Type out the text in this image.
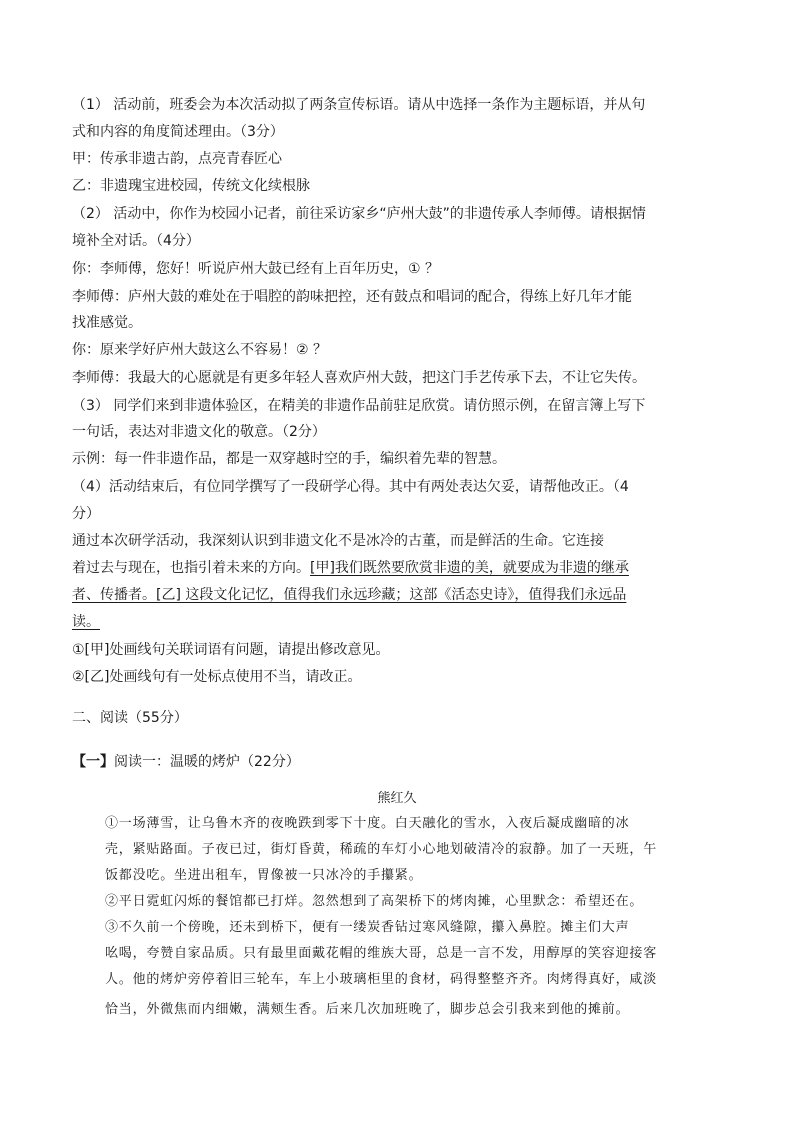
（1） 活动前，班委会为本次活动拟了两条宣传标语。请从中选择一条作为主题标语，并从句
式和内容的角度简述理由。（3分）
甲：传承非遗古韵，点亮青春匠心
乙：非遗瑰宝进校园，传统文化续根脉
（2） 活动中，你作为校园小记者，前往采访家乡“庐州大鼓”的非遗传承人李师傅。请根据情
境补全对话。（4分）
你：李师傅，您好！听说庐州大鼓已经有上百年历史，① ？
李师傅：庐州大鼓的难处在于唱腔的韵味把控，还有鼓点和唱词的配合，得练上好几年才能
找准感觉。
你：原来学好庐州大鼓这么不容易！② ？
李师傅：我最大的心愿就是有更多年轻人喜欢庐州大鼓，把这门手艺传承下去，不让它失传。
（3） 同学们来到非遗体验区，在精美的非遗作品前驻足欣赏。请仿照示例，在留言簿上写下
一句话，表达对非遗文化的敬意。（2分）
示例：每一件非遗作品，都是一双穿越时空的手，编织着先辈的智慧。
（4）活动结束后，有位同学撰写了一段研学心得。其中有两处表达欠妥，请帮他改正。（4
分）
通过本次研学活动，我深刻认识到非遗文化不是冰冷的古董，而是鲜活的生命。它连接
着过去与现在，也指引着未来的方向。[甲]我们既然要欣赏非遗的美，就要成为非遗的继承
者、传播者。[乙] 这段文化记忆，值得我们永远珍藏；这部《活态史诗》，值得我们永远品
读。
①[甲]处画线句关联词语有问题，请提出修改意见。
②[乙]处画线句有一处标点使用不当，请改正。
二、阅读（55分）
【一】阅读一：温暖的烤炉（22分）
熊红久
①一场薄雪，让乌鲁木齐的夜晚跌到零下十度。白天融化的雪水，入夜后凝成幽暗的冰
壳，紧贴路面。子夜已过，街灯昏黄，稀疏的车灯小心地划破清冷的寂静。加了一天班，午
饭都没吃。坐进出租车，胃像被一只冰冷的手攥紧。
②平日霓虹闪烁的餐馆都已打烊。忽然想到了高架桥下的烤肉摊，心里默念：希望还在。
③不久前一个傍晚，还未到桥下，便有一缕炭香钻过寒风缝隙，攥入鼻腔。摊主们大声
吆喝，夸赞自家品质。只有最里面戴花帽的维族大哥，总是一言不发，用醇厚的笑容迎接客
人。他的烤炉旁停着旧三轮车，车上小玻璃柜里的食材，码得整整齐齐。肉烤得真好，咸淡
恰当，外微焦而内细嫩，满颊生香。后来几次加班晚了，脚步总会引我来到他的摊前。
